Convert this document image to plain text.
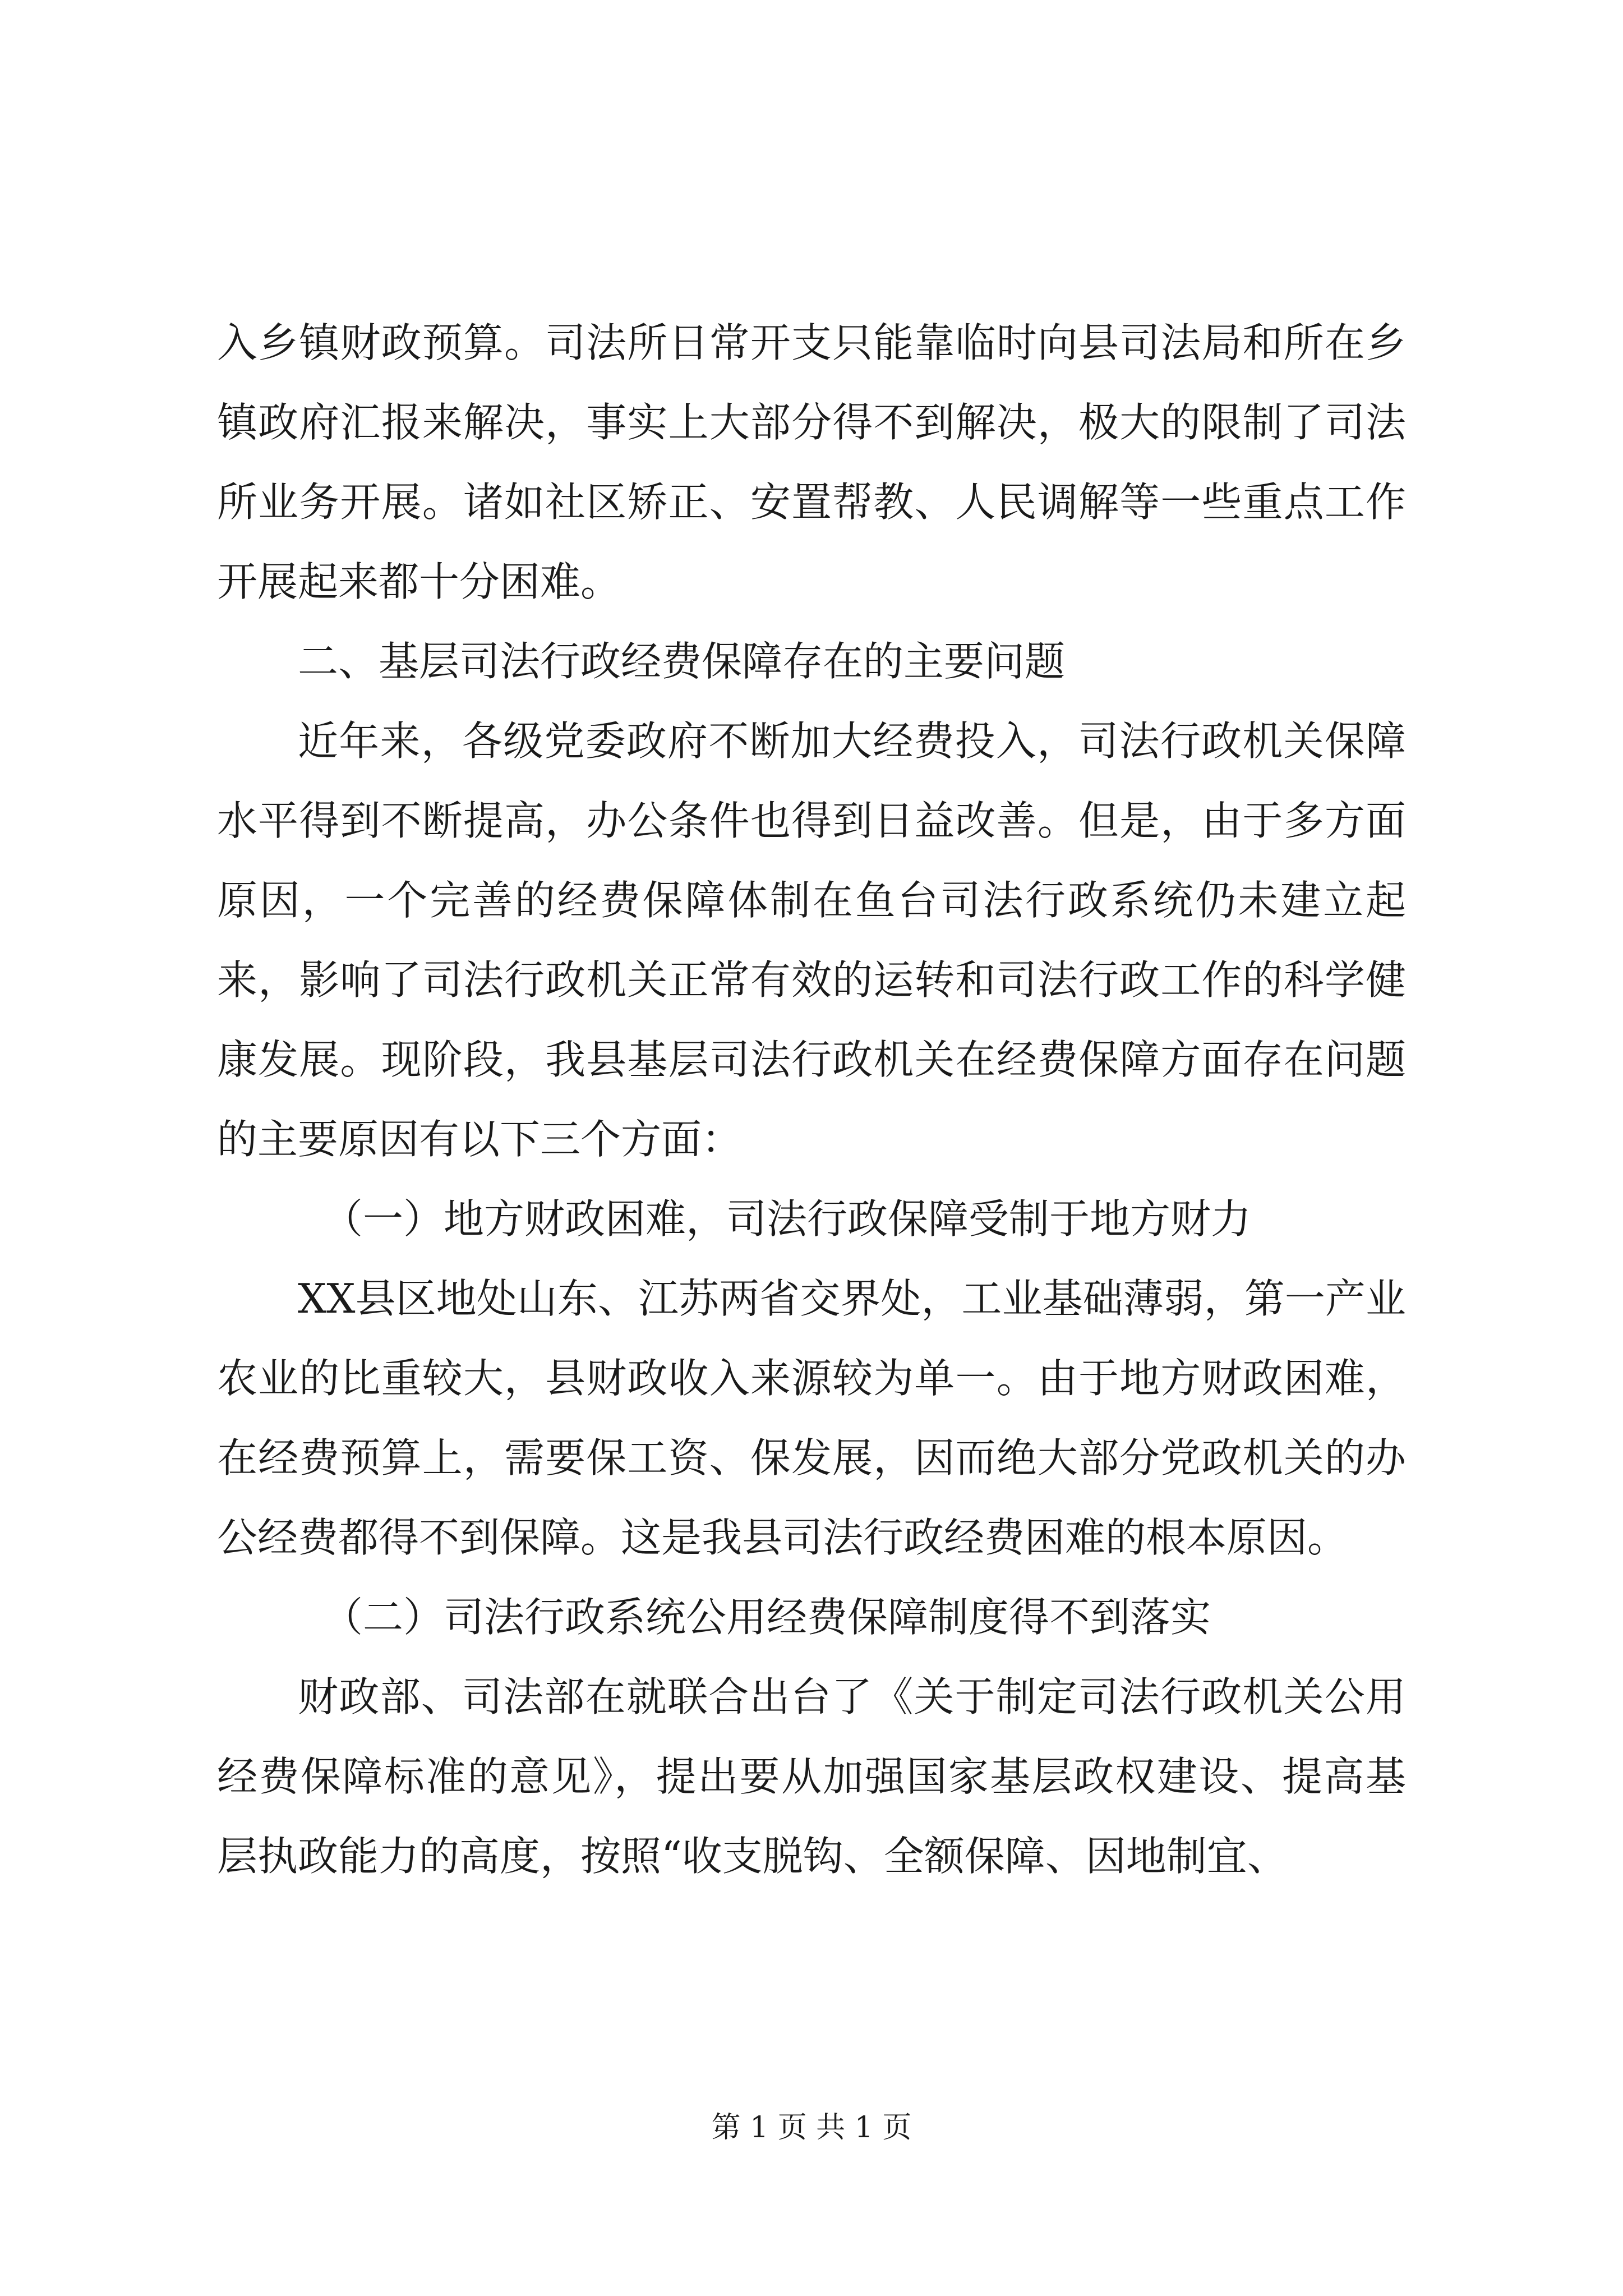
入乡镇财政预算。司法所日常开支只能靠临时向县司法局和所在乡镇政府汇报来解决，事实上大部分得不到解决，极大的限制了司法所业务开展。诸如社区矫正、安置帮教、人民调解等一些重点工作开展起来都十分困难。

二、基层司法行政经费保障存在的主要问题

近年来，各级党委政府不断加大经费投入，司法行政机关保障水平得到不断提高，办公条件也得到日益改善。但是，由于多方面原因，一个完善的经费保障体制在鱼台司法行政系统仍未建立起来，影响了司法行政机关正常有效的运转和司法行政工作的科学健康发展。现阶段，我县基层司法行政机关在经费保障方面存在问题的主要原因有以下三个方面：

（一）地方财政困难，司法行政保障受制于地方财力

XX县区地处山东、江苏两省交界处，工业基础薄弱，第一产业农业的比重较大，县财政收入来源较为单一。由于地方财政困难，在经费预算上，需要保工资、保发展，因而绝大部分党政机关的办公经费都得不到保障。这是我县司法行政经费困难的根本原因。

（二）司法行政系统公用经费保障制度得不到落实

财政部、司法部在就联合出台了《关于制定司法行政机关公用经费保障标准的意见》，提出要从加强国家基层政权建设、提高基层执政能力的高度，按照“收支脱钩、全额保障、因地制宜、

第 1 页 共 1 页
